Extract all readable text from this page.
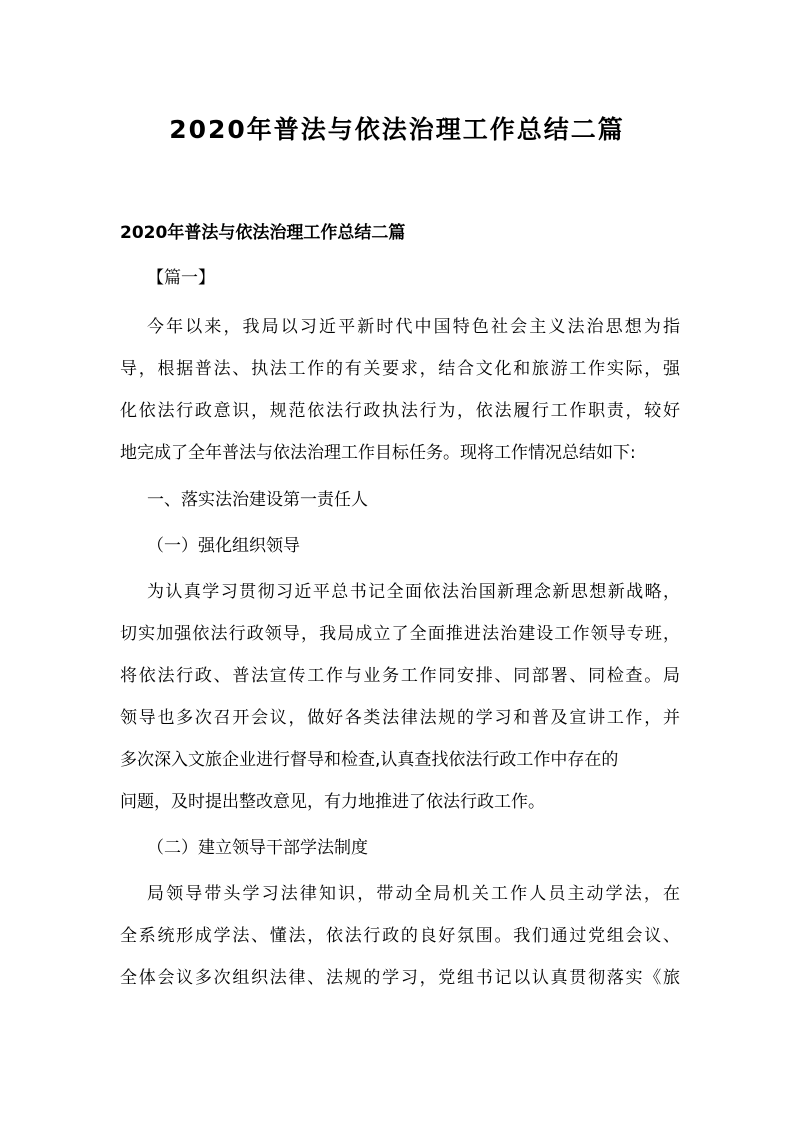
2020年普法与依法治理工作总结二篇
2020年普法与依法治理工作总结二篇
【篇一】
今年以来，我局以习近平新时代中国特色社会主义法治思想为指
导，根据普法、执法工作的有关要求，结合文化和旅游工作实际，强
化依法行政意识，规范依法行政执法行为，依法履行工作职责，较好
地完成了全年普法与依法治理工作目标任务。现将工作情况总结如下:
一、落实法治建设第一责任人
（一）强化组织领导
为认真学习贯彻习近平总书记全面依法治国新理念新思想新战略，
切实加强依法行政领导，我局成立了全面推进法治建设工作领导专班，
将依法行政、普法宣传工作与业务工作同安排、同部署、同检查。局
领导也多次召开会议，做好各类法律法规的学习和普及宣讲工作，并
多次深入文旅企业进行督导和检查,认真查找依法行政工作中存在的
问题，及时提出整改意见，有力地推进了依法行政工作。
（二）建立领导干部学法制度
局领导带头学习法律知识，带动全局机关工作人员主动学法，在
全系统形成学法、懂法，依法行政的良好氛围。我们通过党组会议、
全体会议多次组织法律、法规的学习，党组书记以认真贯彻落实《旅
